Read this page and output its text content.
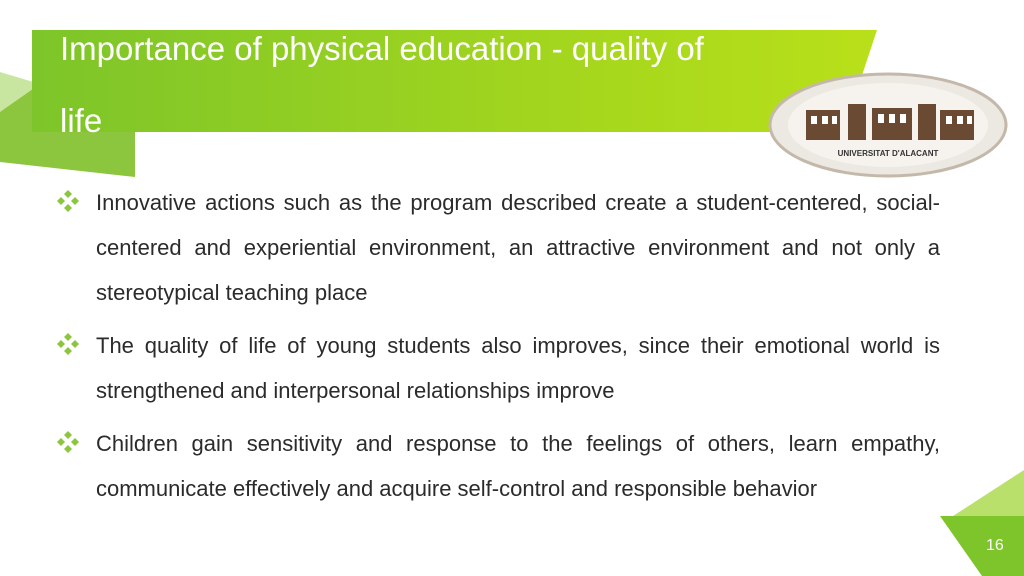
Importance of physical education - quality of
life
UNIVERSITAT D'ALACANT
Innovative actions such as the program described create a student-centered, social-centered and experiential environment, an attractive environment and not only a stereotypical teaching place
The quality of life of young students also improves, since their emotional world is strengthened and interpersonal relationships improve
Children gain sensitivity and response to the feelings of others, learn empathy, communicate effectively and acquire self-control and responsible behavior
16
